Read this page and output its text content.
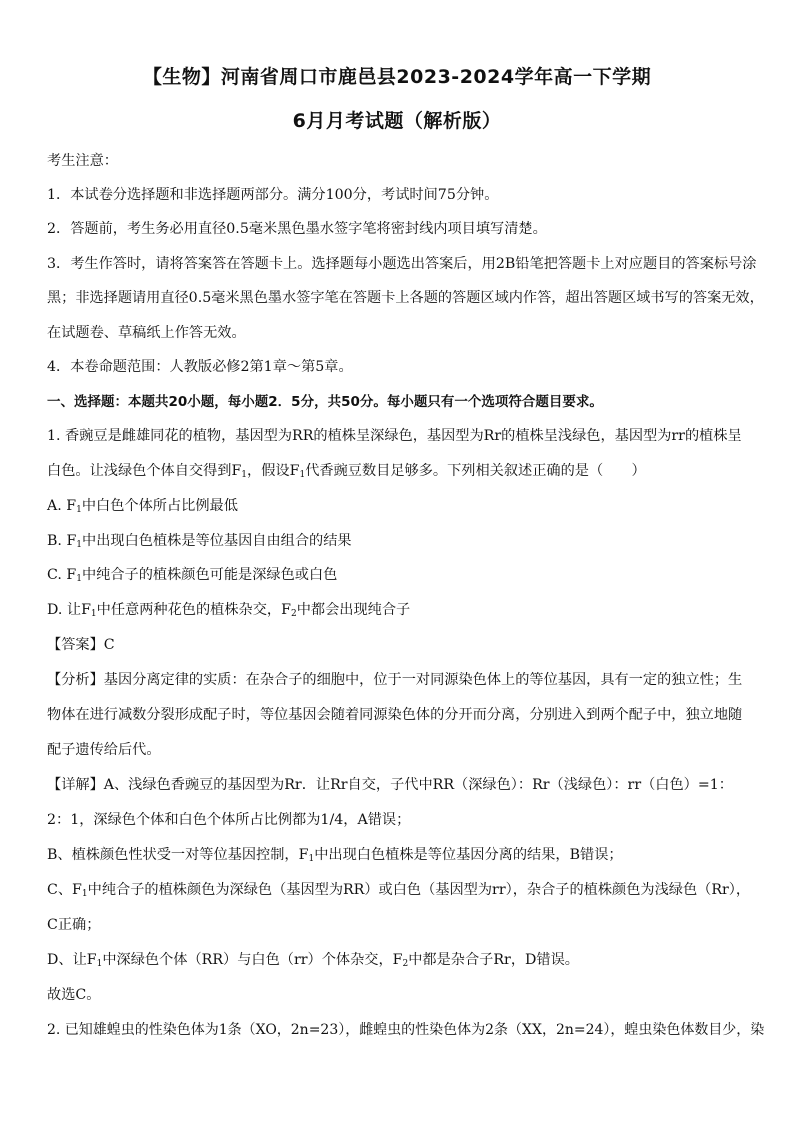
【生物】河南省周口市鹿邑县2023-2024学年高一下学期
6月月考试题（解析版）
考生注意：
1．本试卷分选择题和非选择题两部分。满分100分，考试时间75分钟。
2．答题前，考生务必用直径0.5毫米黑色墨水签字笔将密封线内项目填写清楚。
3．考生作答时，请将答案答在答题卡上。选择题每小题选出答案后，用2B铅笔把答题卡上对应题目的答案标号涂
黑；非选择题请用直径0.5毫米黑色墨水签字笔在答题卡上各题的答题区域内作答，超出答题区域书写的答案无效，
在试题卷、草稿纸上作答无效。
4．本卷命题范围：人教版必修2第1章～第5章。
一、选择题：本题共20小题，每小题2．5分，共50分。每小题只有一个选项符合题目要求。
1. 香豌豆是雌雄同花的植物，基因型为RR的植株呈深绿色，基因型为Rr的植株呈浅绿色，基因型为rr的植株呈
白色。让浅绿色个体自交得到$F_1$，假设$F_1$代香豌豆数目足够多。下列相关叙述正确的是（　　）
A. $F_1$中白色个体所占比例最低
B. $F_1$中出现白色植株是等位基因自由组合的结果
C. $F_1$中纯合子的植株颜色可能是深绿色或白色
D. 让$F_1$中任意两种花色的植株杂交，$F_2$中都会出现纯合子
【答案】C
【分析】基因分离定律的实质：在杂合子的细胞中，位于一对同源染色体上的等位基因，具有一定的独立性；生
物体在进行减数分裂形成配子时，等位基因会随着同源染色体的分开而分离，分别进入到两个配子中，独立地随
配子遗传给后代。
【详解】A、浅绿色香豌豆的基因型为Rr．让Rr自交，子代中RR（深绿色）：Rr（浅绿色）：rr（白色）=1：
2：1，深绿色个体和白色个体所占比例都为1/4，A错误；
B、植株颜色性状受一对等位基因控制，$F_1$中出现白色植株是等位基因分离的结果，B错误；
C、$F_1$中纯合子的植株颜色为深绿色（基因型为RR）或白色（基因型为rr），杂合子的植株颜色为浅绿色（Rr），
C正确；
D、让$F_1$中深绿色个体（RR）与白色（rr）个体杂交，$F_2$中都是杂合子Rr，D错误。
故选C。
2. 已知雄蝗虫的性染色体为1条（XO，2n=23），雌蝗虫的性染色体为2条（XX，2n=24），蝗虫染色体数目少，染
